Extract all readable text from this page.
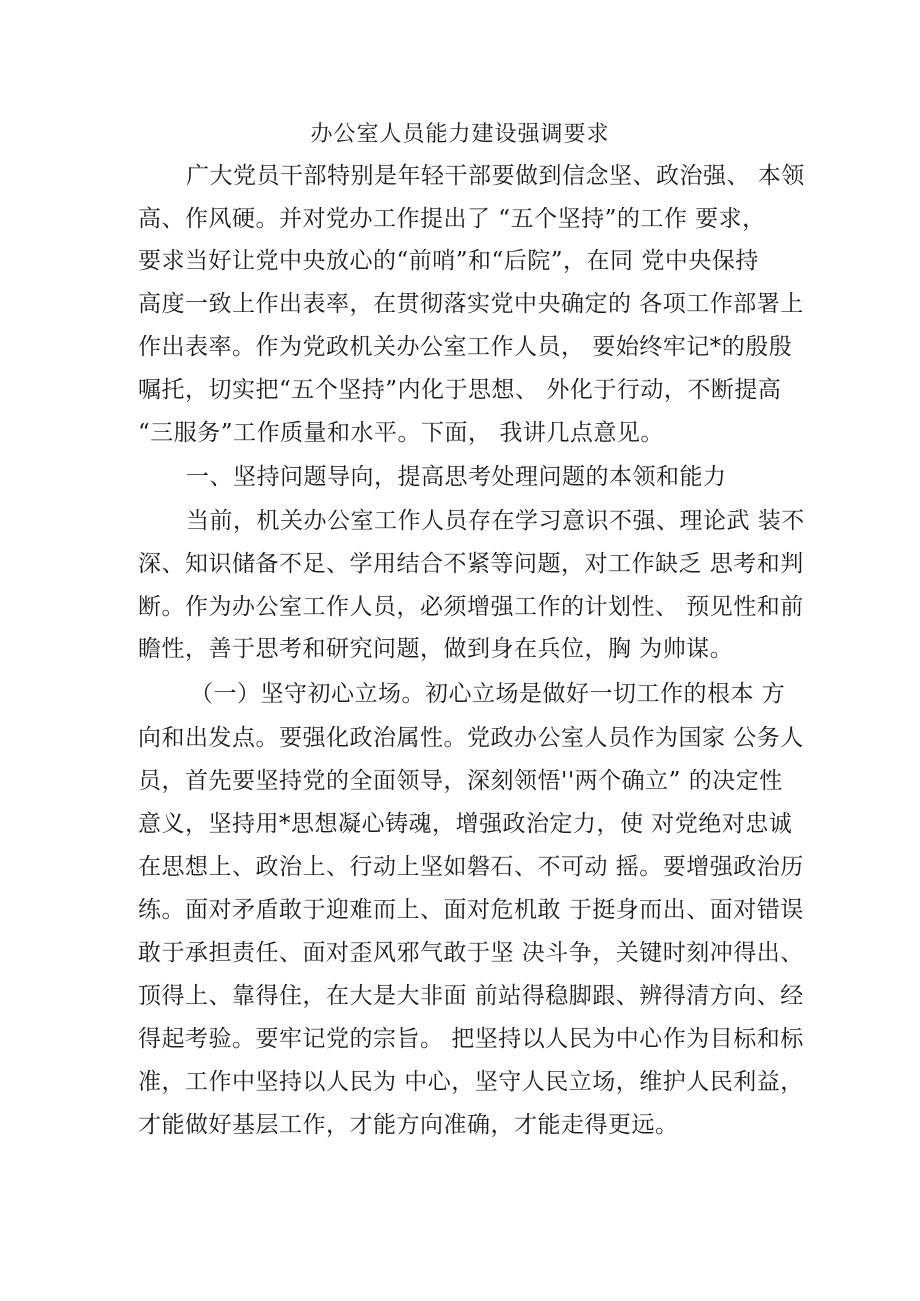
办公室人员能力建设强调要求
广大党员干部特别是年轻干部要做到信念坚、政治强、 本领
高、作风硬。并对党办工作提出了 “五个坚持”的工作 要求，
要求当好让党中央放心的“前哨”和“后院”，在同 党中央保持
高度一致上作出表率，在贯彻落实党中央确定的 各项工作部署上
作出表率。作为党政机关办公室工作人员， 要始终牢记*的殷殷
嘱托，切实把“五个坚持”内化于思想、 外化于行动，不断提高
“三服务”工作质量和水平。下面， 我讲几点意见。
一、坚持问题导向，提高思考处理问题的本领和能力
当前，机关办公室工作人员存在学习意识不强、理论武 装不
深、知识储备不足、学用结合不紧等问题，对工作缺乏 思考和判
断。作为办公室工作人员，必须增强工作的计划性、 预见性和前
瞻性，善于思考和研究问题，做到身在兵位，胸 为帅谋。
（一）坚守初心立场。初心立场是做好一切工作的根本 方
向和出发点。要强化政治属性。党政办公室人员作为国家 公务人
员，首先要坚持党的全面领导，深刻领悟''两个确立” 的决定性
意义，坚持用*思想凝心铸魂，增强政治定力，使 对党绝对忠诚
在思想上、政治上、行动上坚如磐石、不可动 摇。要增强政治历
练。面对矛盾敢于迎难而上、面对危机敢 于挺身而出、面对错误
敢于承担责任、面对歪风邪气敢于坚 决斗争，关键时刻冲得出、
顶得上、靠得住，在大是大非面 前站得稳脚跟、辨得清方向、经
得起考验。要牢记党的宗旨。 把坚持以人民为中心作为目标和标
准，工作中坚持以人民为 中心，坚守人民立场，维护人民利益，
才能做好基层工作，才能方向准确，才能走得更远。
